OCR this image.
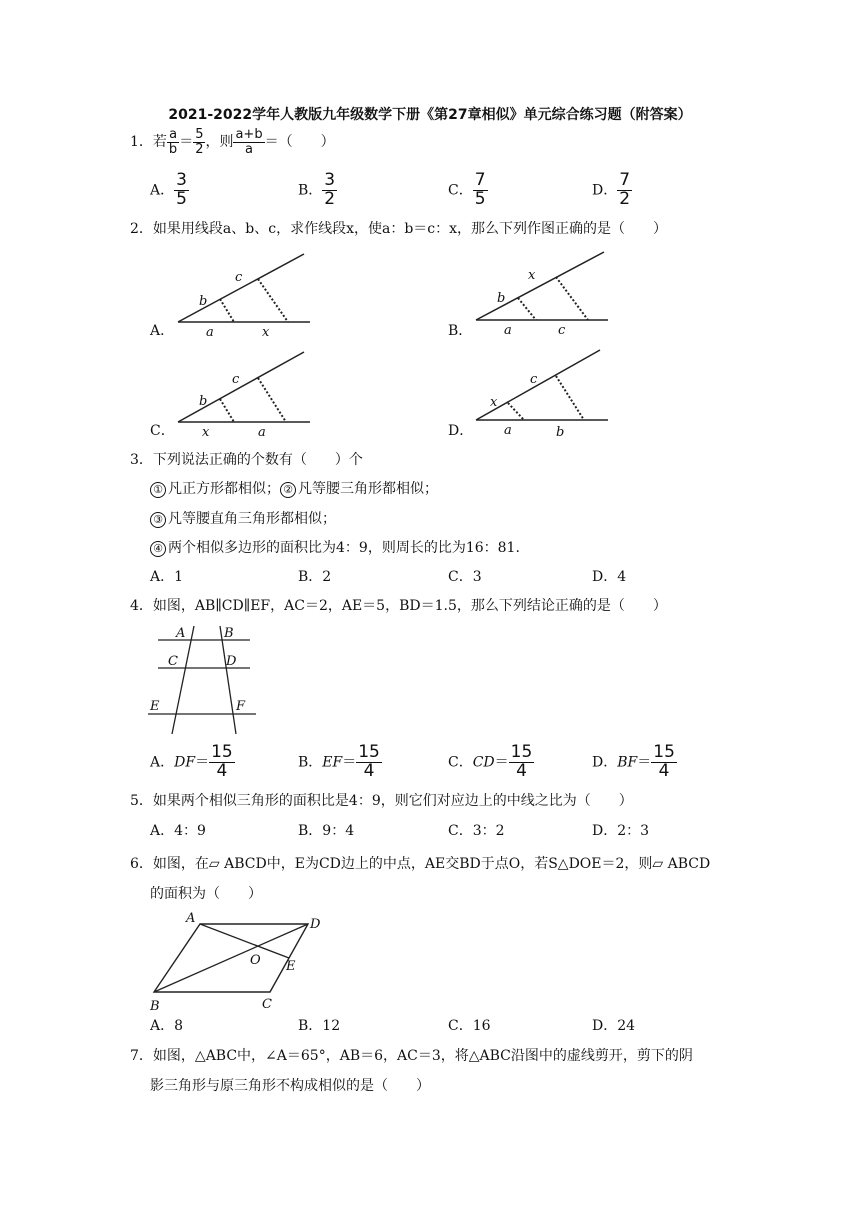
2021-2022学年人教版九年级数学下册《第27章相似》单元综合练习题（附答案）
1．若 $\frac{a}{b} = \frac{5}{2}$ ，则 $\frac{a+b}{a}$ ＝（　　）
A． $\frac{3}{5}$	B． $\frac{3}{2}$	C． $\frac{7}{5}$	D． $\frac{7}{2}$
2．如果用线段a、b、c，求作线段x，使a：b＝c：x，那么下列作图正确的是（　　）
A．
b
c
a	x	B．
b
x
a	c
C．
b
c
x	a	D．
x
c
a	b
3．下列说法正确的个数有（　　）个
① 凡正方形都相似； ② 凡等腰三角形都相似；
③ 凡等腰直角三角形都相似；
④ 两个相似多边形的面积比为4：9，则周长的比为16：81.
A．1	B．2	C．3	D．4
4．如图，AB∥CD∥EF，AC＝2，AE＝5，BD＝1.5，那么下列结论正确的是（　　）
A	B
C	D
E	F
A．$DF= \frac{15}{4}$	B．$EF= \frac{15}{4}$	C．$CD= \frac{15}{4}$	D．$BF= \frac{15}{4}$
5．如果两个相似三角形的面积比是4：9，则它们对应边上的中线之比为（　　）
A．4：9	B．9：4	C．3：2	D．2：3
6．如图，在▱ ABCD中，E为CD边上的中点，AE交BD于点O，若S△DOE＝2，则▱ ABCD
的面积为（　　）
A	D
O E
B	C
A．8	B．12	C．16	D．24
7．如图，△ABC中，∠A＝65°，AB＝6，AC＝3，将△ABC沿图中的虚线剪开，剪下的阴
影三角形与原三角形不构成相似的是（　　）
